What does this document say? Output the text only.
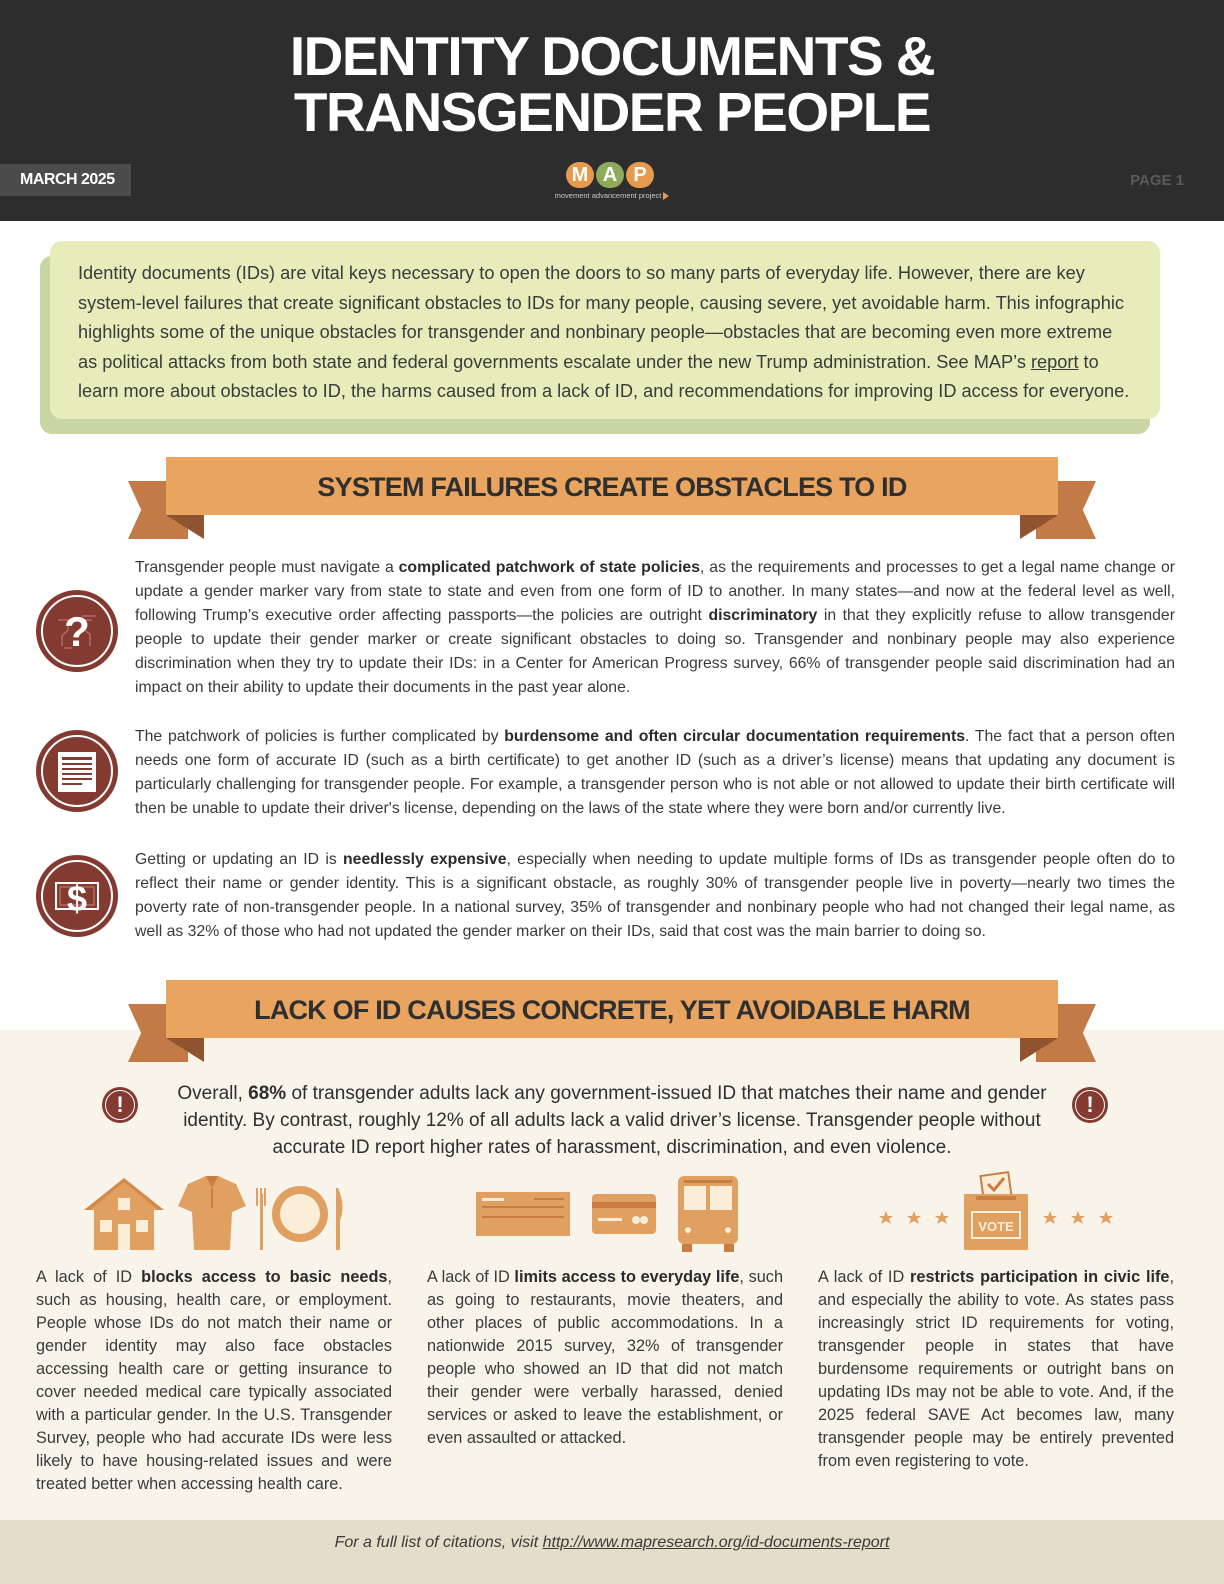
IDENTITY DOCUMENTS &
TRANSGENDER PEOPLE
MARCH 2025	M A P
movement advancement project
PAGE 1
Identity documents (IDs) are vital keys necessary to open the doors to so many parts of everyday life. However, there are key system-level failures that create significant obstacles to IDs for many people, causing severe, yet avoidable harm. This infographic highlights some of the unique obstacles for transgender and nonbinary people—obstacles that are becoming even more extreme as political attacks from both state and federal governments escalate under the new Trump administration. See MAP’s report to learn more about obstacles to ID, the harms caused from a lack of ID, and recommendations for improving ID access for everyone.
SYSTEM FAILURES CREATE OBSTACLES TO ID
?
Transgender people must navigate a complicated patchwork of state policies, as the requirements and processes to get a legal name change or update a gender marker vary from state to state and even from one form of ID to another. In many states—and now at the federal level as well, following Trump’s executive order affecting passports—the policies are outright discriminatory in that they explicitly refuse to allow transgender people to update their gender marker or create significant obstacles to doing so. Transgender and nonbinary people may also experience discrimination when they try to update their IDs: in a Center for American Progress survey, 66% of transgender people said discrimination had an impact on their ability to update their documents in the past year alone.
The patchwork of policies is further complicated by burdensome and often circular documentation requirements. The fact that a person often needs one form of accurate ID (such as a birth certificate) to get another ID (such as a driver’s license) means that updating any document is particularly challenging for transgender people. For example, a transgender person who is not able or not allowed to update their birth certificate will then be unable to update their driver's license, depending on the laws of the state where they were born and/or currently live.
$
Getting or updating an ID is needlessly expensive, especially when needing to update multiple forms of IDs as transgender people often do to reflect their name or gender identity. This is a significant obstacle, as roughly 30% of transgender people live in poverty—nearly two times the poverty rate of non-transgender people. In a national survey, 35% of transgender and nonbinary people who had not changed their legal name, as well as 32% of those who had not updated the gender marker on their IDs, said that cost was the main barrier to doing so.
LACK OF ID CAUSES CONCRETE, YET AVOIDABLE HARM
!	!
Overall, 68% of transgender adults lack any government-issued ID that matches their name and gender identity. By contrast, roughly 12% of all adults lack a valid driver’s license. Transgender people without accurate ID report higher rates of harassment, discrimination, and even violence.
VOTE
A lack of ID blocks access to basic needs, such as housing, health care, or employment. People whose IDs do not match their name or gender identity may also face obstacles accessing health care or getting insurance to cover needed medical care typically associated with a particular gender. In the U.S. Transgender Survey, people who had accurate IDs were less likely to have housing-related issues and were treated better when accessing health care.
A lack of ID limits access to everyday life, such as going to restaurants, movie theaters, and other places of public accommodations. In a nationwide 2015 survey, 32% of transgender people who showed an ID that did not match their gender were verbally harassed, denied services or asked to leave the establishment, or even assaulted or attacked.
A lack of ID restricts participation in civic life, and especially the ability to vote. As states pass increasingly strict ID requirements for voting, transgender people in states that have burdensome requirements or outright bans on updating IDs may not be able to vote. And, if the 2025 federal SAVE Act becomes law, many transgender people may be entirely prevented from even registering to vote.
For a full list of citations, visit http://www.mapresearch.org/id-documents-report
